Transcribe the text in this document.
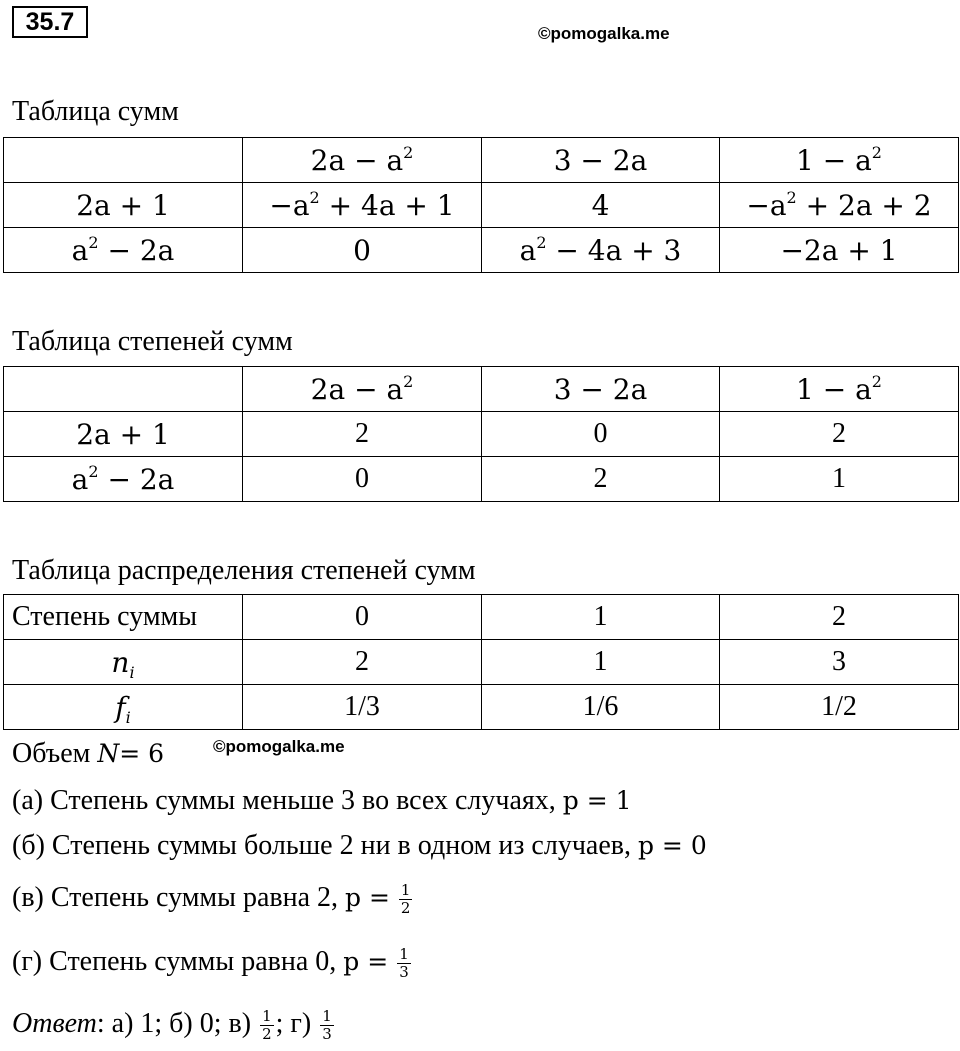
35.7	©pomogalka.me
Таблица сумм
	$2a - a^2$	3 − 2a	$1 - a^2$
2a + 1	$-a^2 + 4a + 1$	4	$-a^2 + 2a + 2$
$a^2 - 2a$	0	$a^2 - 4a + 3$	−2a + 1
Таблица степеней сумм
	$2a - a^2$	3 − 2a	$1 - a^2$
2a + 1	2	0	2
$a^2 - 2a$	0	2	1
Таблица распределения степеней сумм
Степень суммы	0	1	2
$n_i$	2	1	3
$f_i$	1/3	1/6	1/2
Объем N= 6	©pomogalka.me
(а) Степень суммы меньше 3 во всех случаях, p = 1
(б) Степень суммы больше 2 ни в одном из случаев, p = 0
(в) Степень суммы равна 2, $p = \frac{1}{2}$
(г) Степень суммы равна 0, $p = \frac{1}{3}$
Ответ: а) 1; б) 0; $в) \frac{1}{2}$ ; $г) \frac{1}{3}$
